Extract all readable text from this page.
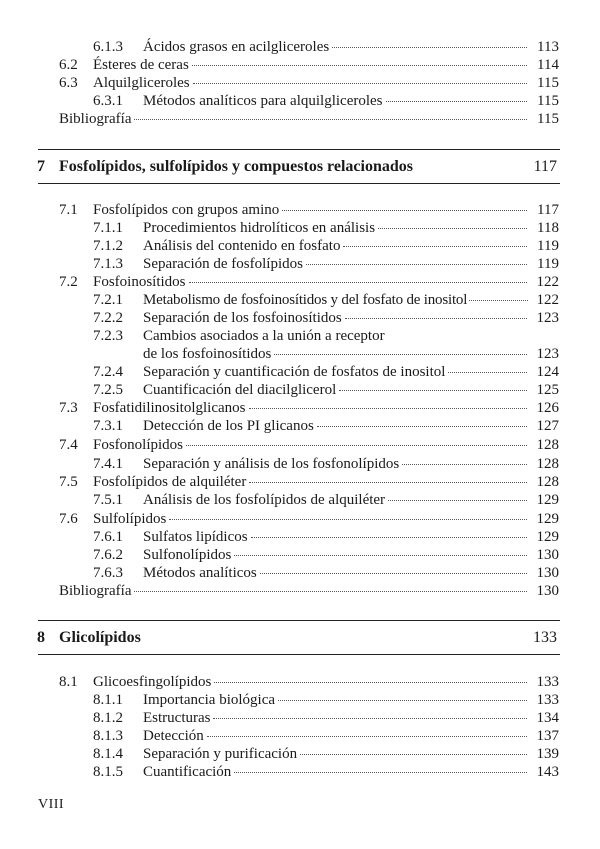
6.1.3 Ácidos grasos en acilgliceroles	113
6.2 Ésteres de ceras	114
6.3 Alquilgliceroles	115
6.3.1 Métodos analíticos para alquilgliceroles	115
Bibliografía	115
7 Fosfolípidos, sulfolípidos y compuestos relacionados	117
7.1 Fosfolípidos con grupos amino	117
7.1.1 Procedimientos hidrolíticos en análisis	118
7.1.2 Análisis del contenido en fosfato	119
7.1.3 Separación de fosfolípidos	119
7.2 Fosfoinosítidos	122
7.2.1 Metabolismo de fosfoinosítidos y del fosfato de inositol	122
7.2.2 Separación de los fosfoinosítidos	123
7.2.3 Cambios asociados a la unión a receptor
de los fosfoinosítidos	123
7.2.4 Separación y cuantificación de fosfatos de inositol	124
7.2.5 Cuantificación del diacilglicerol	125
7.3 Fosfatidilinositolglicanos	126
7.3.1 Detección de los PI glicanos	127
7.4 Fosfonolípidos	128
7.4.1 Separación y análisis de los fosfonolípidos	128
7.5 Fosfolípidos de alquiléter	128
7.5.1 Análisis de los fosfolípidos de alquiléter	129
7.6 Sulfolípidos	129
7.6.1 Sulfatos lipídicos	129
7.6.2 Sulfonolípidos	130
7.6.3 Métodos analíticos	130
Bibliografía	130
8 Glicolípidos	133
8.1 Glicoesfingolípidos	133
8.1.1 Importancia biológica	133
8.1.2 Estructuras	134
8.1.3 Detección	137
8.1.4 Separación y purificación	139
8.1.5 Cuantificación	143
VIII
